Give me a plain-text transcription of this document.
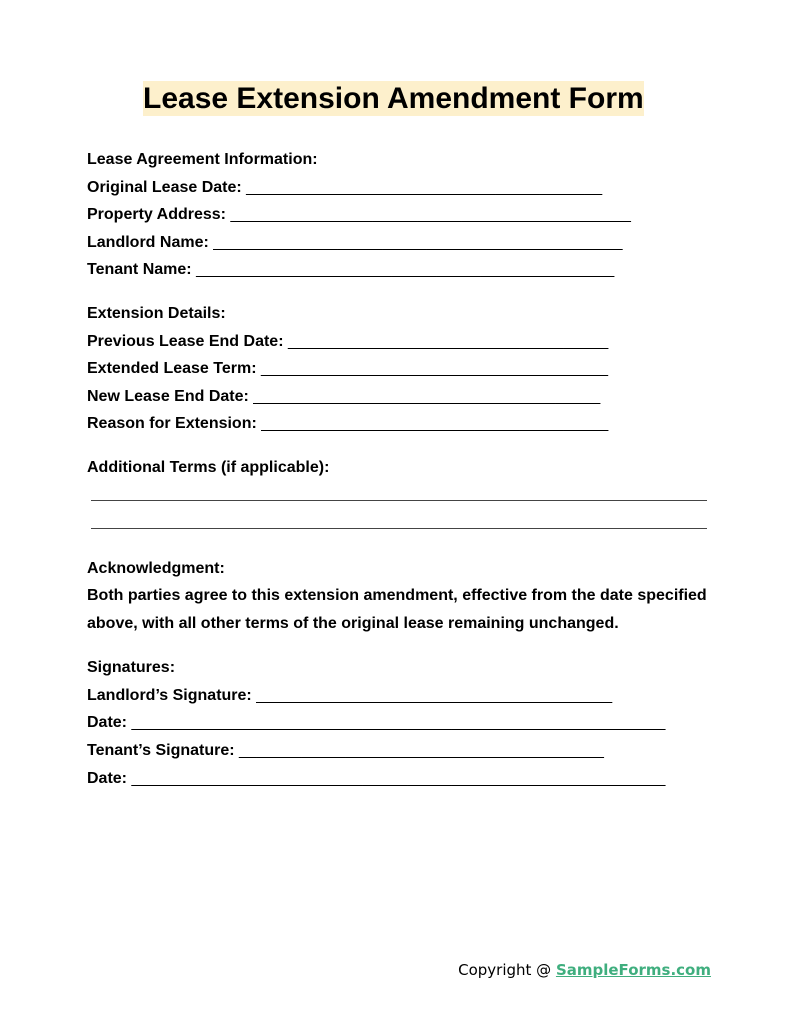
Lease Extension Amendment Form

Lease Agreement Information:

Original Lease Date: ________________________________________

Property Address: _____________________________________________

Landlord Name: ______________________________________________

Tenant Name: _______________________________________________

Extension Details:

Previous Lease End Date: ____________________________________

Extended Lease Term: _______________________________________

New Lease End Date: _______________________________________

Reason for Extension: _______________________________________

Additional Terms (if applicable):

Acknowledgment:

Both parties agree to this extension amendment, effective from the date specified above, with all other terms of the original lease remaining unchanged.

Signatures:

Landlord’s Signature: ________________________________________

Date: ____________________________________________________________

Tenant’s Signature: _________________________________________

Date: ____________________________________________________________

Copyright @ SampleForms.com
